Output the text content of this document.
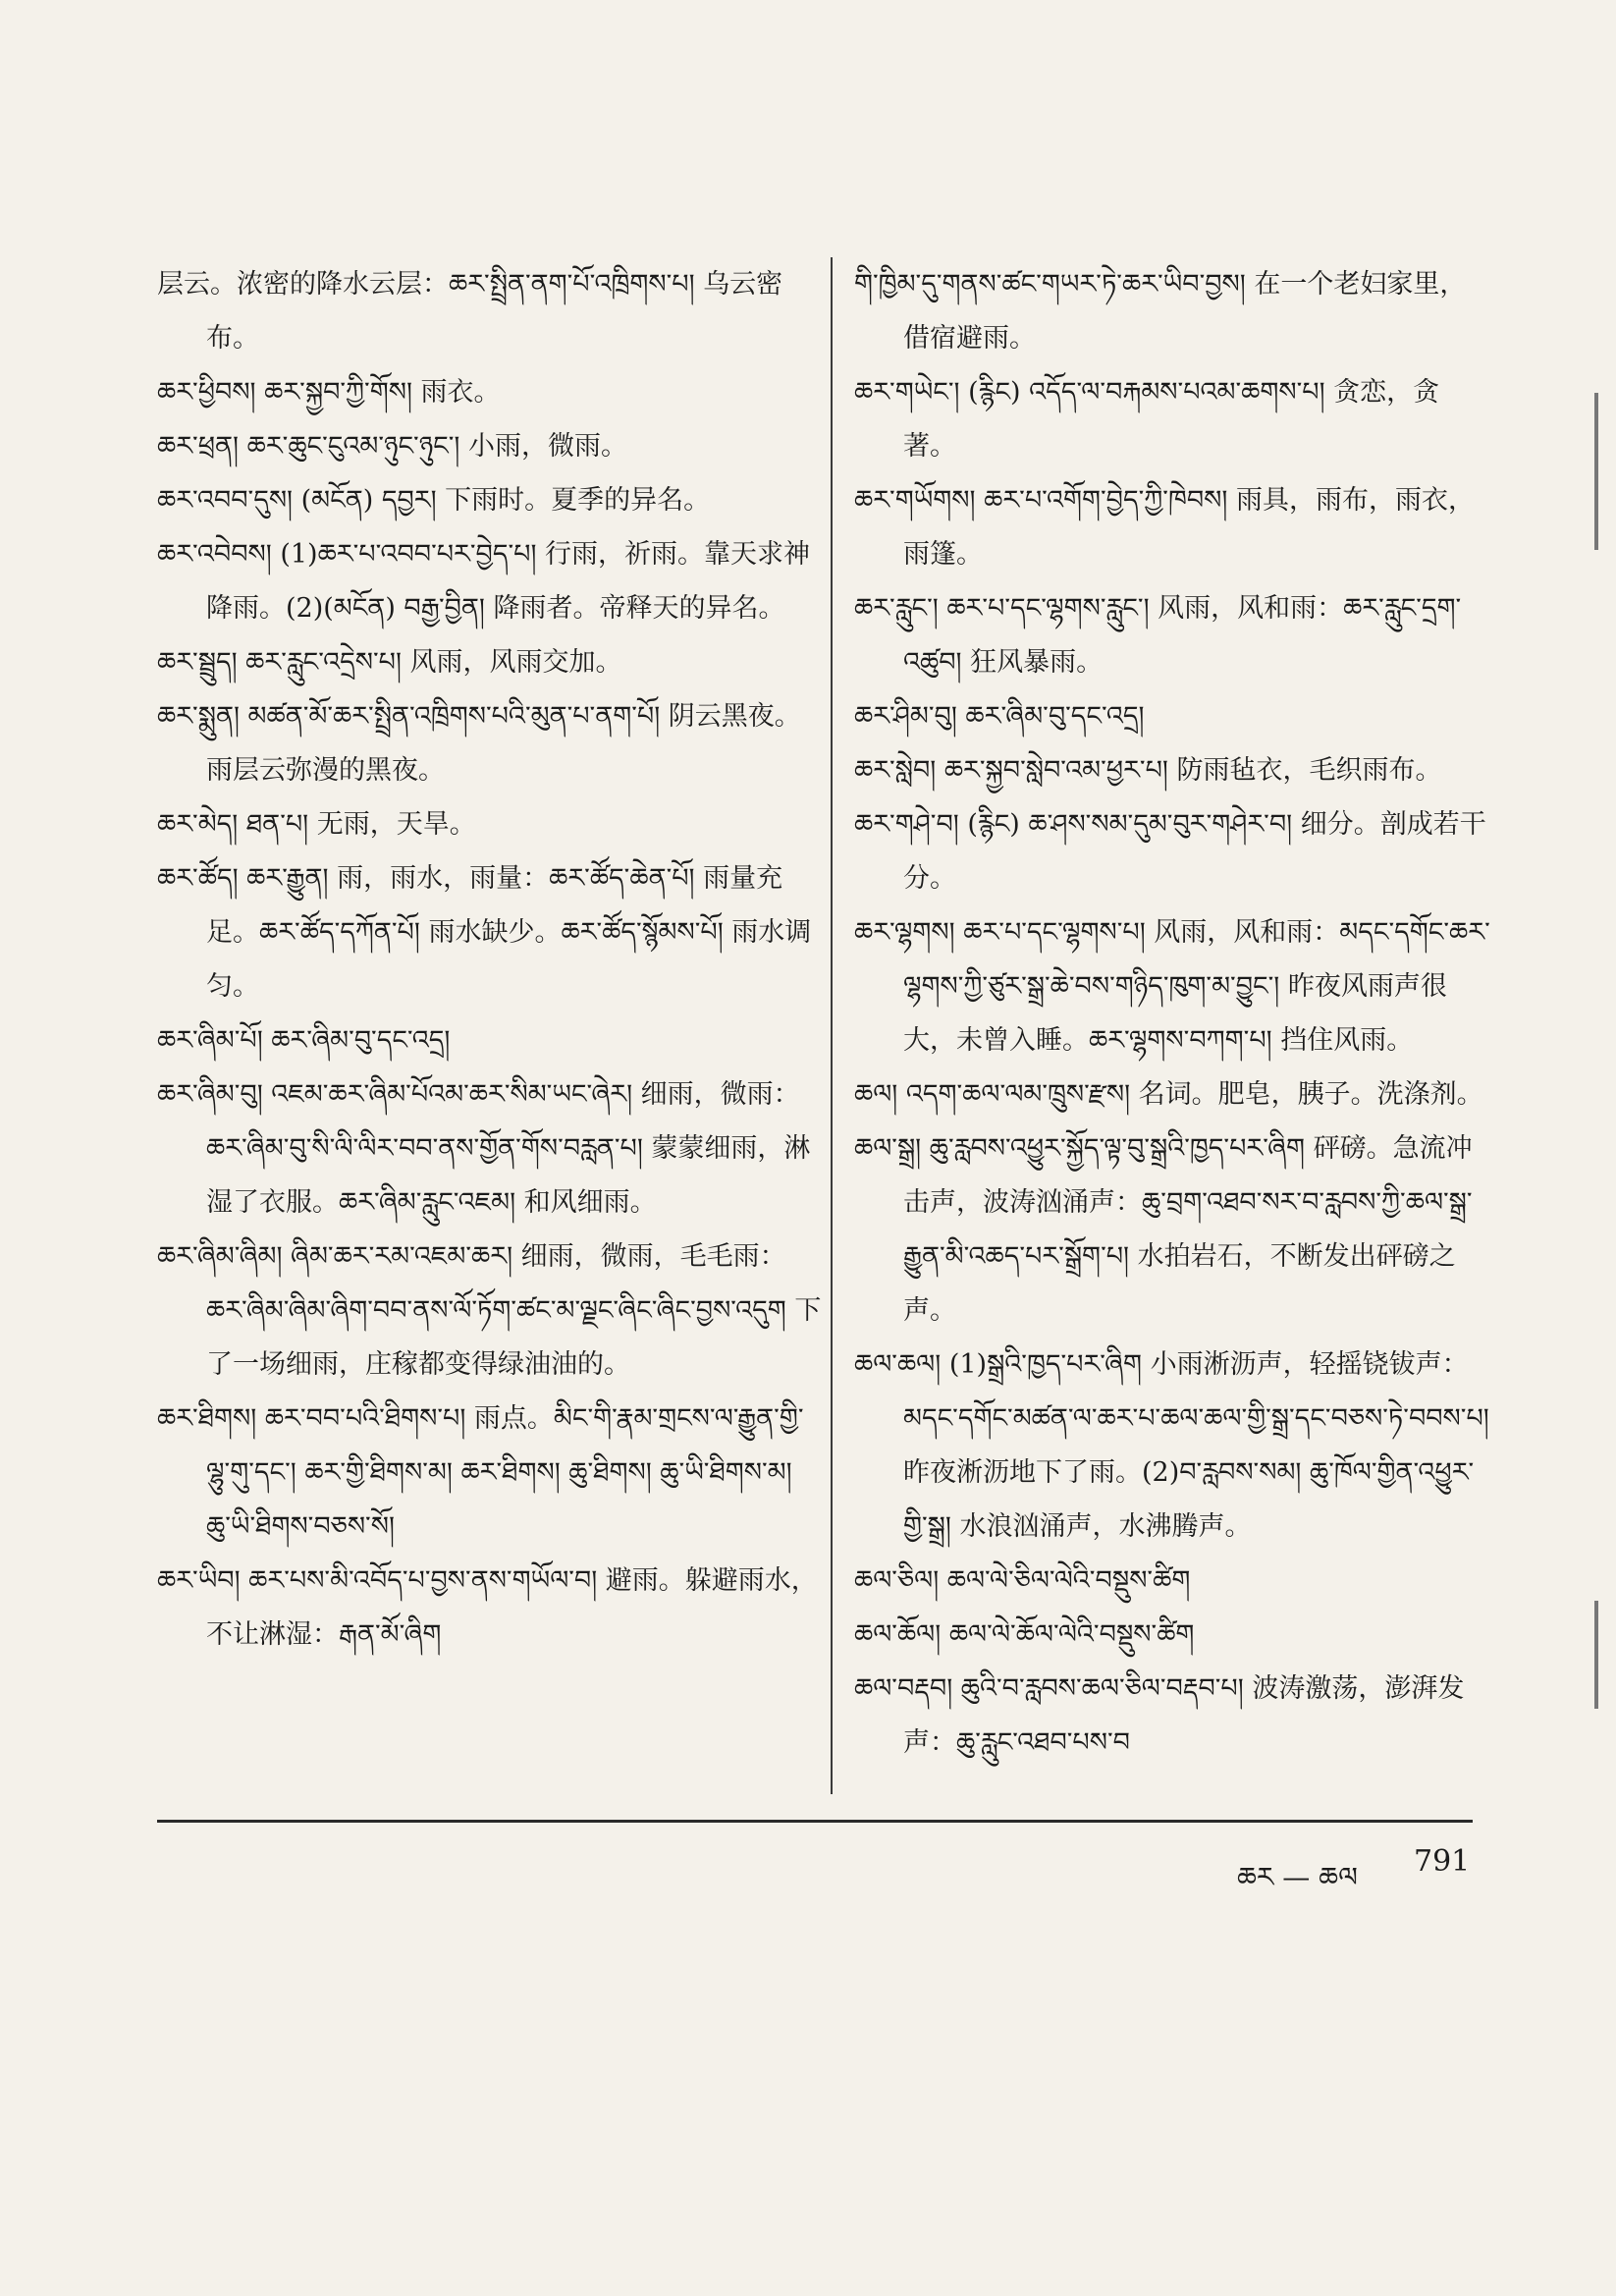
层云。浓密的降水云层：ཆར་སྤྲིན་ནག་པོ་འཁྲིགས་པ། 乌云密布。

ཆར་ཕྱིབས། ཆར་སྐྱབ་ཀྱི་གོས། 雨衣。

ཆར་ཕྲན། ཆར་ཆུང་ངུའམ་ཉུང་ཉུང་། 小雨，微雨。

ཆར་འབབ་དུས། (མངོན) དབྱར། 下雨时。夏季的异名。

ཆར་འབེབས། (1)ཆར་པ་འབབ་པར་བྱེད་པ། 行雨，祈雨。靠天求神降雨。(2)(མངོན) བརྒྱ་བྱིན། 降雨者。帝释天的异名。

ཆར་སྦྲུད། ཆར་རླུང་འདྲེས་པ། 风雨，风雨交加。

ཆར་སྨུན། མཚན་མོ་ཆར་སྤྲིན་འཁྲིགས་པའི་མུན་པ་ནག་པོ། 阴云黑夜。雨层云弥漫的黑夜。

ཆར་མེད། ཐན་པ། 无雨，天旱。

ཆར་ཚོད། ཆར་རྒྱུན། 雨，雨水，雨量：ཆར་ཚོད་ཆེན་པོ། 雨量充足。ཆར་ཚོད་དཀོན་པོ། 雨水缺少。ཆར་ཚོད་སྙོམས་པོ། 雨水调匀。

ཆར་ཞིམ་པོ། ཆར་ཞིམ་བུ་དང་འདྲ།

ཆར་ཞིམ་བུ། འཇམ་ཆར་ཞིམ་པོའམ་ཆར་སིམ་ཡང་ཞེར། 细雨，微雨：ཆར་ཞིམ་བུ་སི་ལི་ལིར་བབ་ནས་གྱོན་གོས་བརླན་པ། 蒙蒙细雨，淋湿了衣服。ཆར་ཞིམ་རླུང་འཇམ། 和风细雨。

ཆར་ཞིམ་ཞིམ། ཞིམ་ཆར་རམ་འཇམ་ཆར། 细雨，微雨，毛毛雨：ཆར་ཞིམ་ཞིམ་ཞིག་བབ་ནས་ལོ་ཏོག་ཚང་མ་ལྗང་ཞིང་ཞིང་བྱས་འདུག 下了一场细雨，庄稼都变得绿油油的。

ཆར་ཐིགས། ཆར་བབ་པའི་ཐིགས་པ། 雨点。མིང་གི་རྣམ་གྲངས་ལ་རྒྱུན་གྱི་ལྷུ་གུ་དང་། ཆར་གྱི་ཐིགས་མ། ཆར་ཐིགས། ཆུ་ཐིགས། ཆུ་ཡི་ཐིགས་མ། ཆུ་ཡི་ཐིགས་བཅས་སོ།

ཆར་ཡིབ། ཆར་པས་མི་འབོད་པ་བྱས་ནས་གཡོལ་བ། 避雨。躲避雨水，不让淋湿：རྒན་མོ་ཞིག

གི་ཁྱིམ་དུ་གནས་ཚང་གཡར་ཏེ་ཆར་ཡིབ་བྱས། 在一个老妇家里，借宿避雨。

ཆར་གཡེང་། (རྙིང) འདོད་ལ་བརྐམས་པའམ་ཆགས་པ། 贪恋，贪著。

ཆར་གཡོགས། ཆར་པ་འགོག་བྱེད་ཀྱི་ཁེབས། 雨具，雨布，雨衣，雨篷。

ཆར་རླུང་། ཆར་པ་དང་ལྷགས་རླུང་། 风雨，风和雨：ཆར་རླུང་དྲག་འཚུབ། 狂风暴雨。

ཆར་ཤིམ་བུ། ཆར་ཞིམ་བུ་དང་འདྲ།

ཆར་སླེབ། ཆར་སྐྱབ་སླེབ་འམ་ཕྱར་པ། 防雨毡衣，毛织雨布。

ཆར་གཤེ་བ། (རྙིང) ཆ་ཤས་སམ་དུམ་བུར་གཤེར་བ། 细分。剖成若干分。

ཆར་ལྷགས། ཆར་པ་དང་ལྷགས་པ། 风雨，风和雨：མདང་དགོང་ཆར་ལྷགས་ཀྱི་ཙུར་སྒྲ་ཆེ་བས་གཉིད་ཁུག་མ་བྱུང་། 昨夜风雨声很大，未曾入睡。ཆར་ལྷགས་བཀག་པ། 挡住风雨。

ཆལ། འདག་ཆལ་ལམ་ཁྲུས་རྫས། 名词。肥皂，胰子。洗涤剂。

ཆལ་སྒྲ། ཆུ་རླབས་འཕྱུར་སྐྱོད་ལྟ་བུ་སྒྲའི་ཁྱད་པར་ཞིག 砰磅。急流冲击声，波涛汹涌声：ཆུ་བྲག་འཐབ་སར་བ་རླབས་ཀྱི་ཆལ་སྒྲ་རྒྱུན་མི་འཆད་པར་སྒྲོག་པ། 水拍岩石，不断发出砰磅之声。

ཆལ་ཆལ། (1)སྒྲའི་ཁྱད་པར་ཞིག 小雨淅沥声，轻摇铙钹声：མདང་དགོང་མཚན་ལ་ཆར་པ་ཆལ་ཆལ་གྱི་སྒྲ་དང་བཅས་ཏེ་བབས་པ། 昨夜淅沥地下了雨。(2)བ་རླབས་སམ། ཆུ་ཁོལ་གྱིན་འཕྱུར་གྱི་སྒྲ། 水浪汹涌声，水沸腾声。

ཆལ་ཅིལ། ཆལ་ལེ་ཅིལ་ལེའི་བསྡུས་ཚིག

ཆལ་ཆོལ། ཆལ་ལེ་ཆོལ་ལེའི་བསྡུས་ཚིག

ཆལ་བརྡབ། ཆུའི་བ་རླབས་ཆལ་ཅིལ་བརྡབ་པ། 波涛激荡，澎湃发声：ཆུ་རླུང་འཐབ་པས་བ

ཆར — ཆལ 791
